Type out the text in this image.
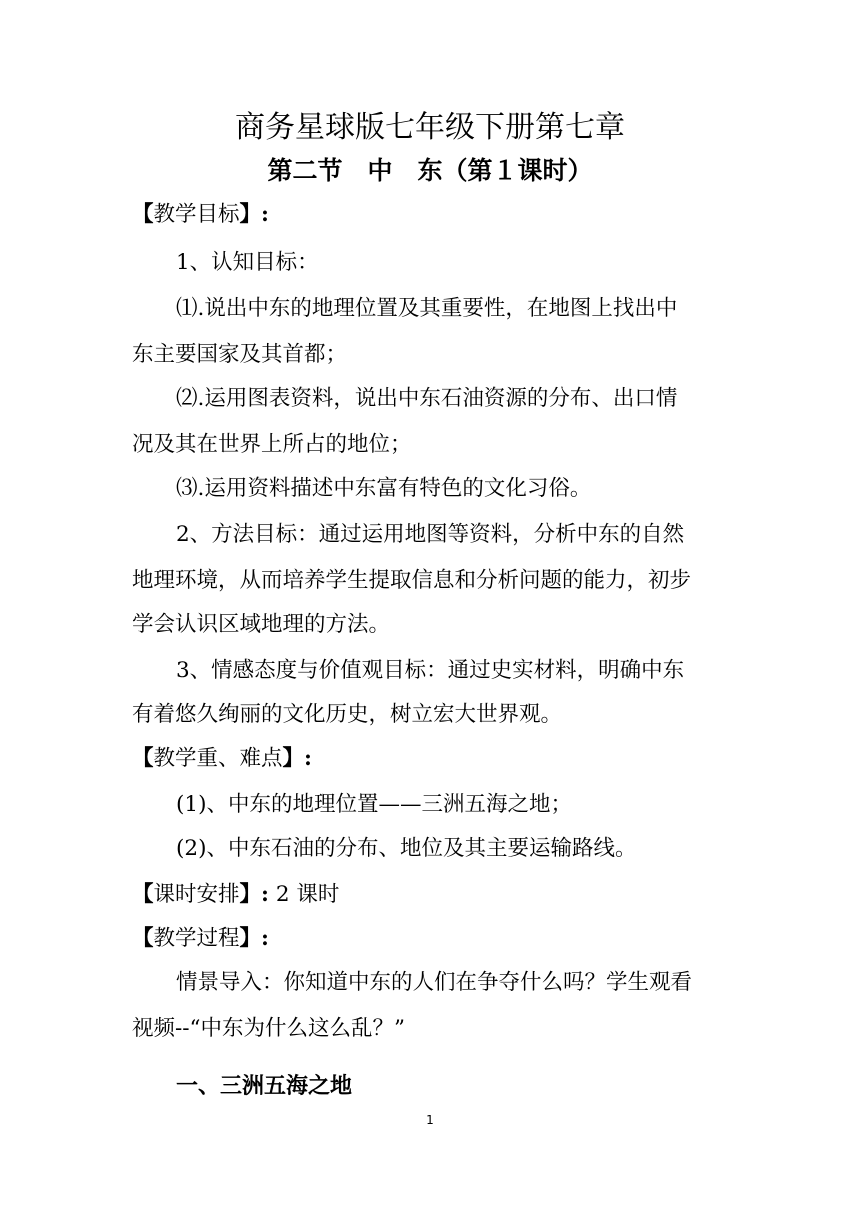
商务星球版七年级下册第七章
第二节　中　东（第１课时）
【教学目标】:
1、认知目标：
⑴.说出中东的地理位置及其重要性，在地图上找出中
东主要国家及其首都；
⑵.运用图表资料，说出中东石油资源的分布、出口情
况及其在世界上所占的地位；
⑶.运用资料描述中东富有特色的文化习俗。
2、方法目标：通过运用地图等资料，分析中东的自然
地理环境，从而培养学生提取信息和分析问题的能力，初步
学会认识区域地理的方法。
3、情感态度与价值观目标：通过史实材料，明确中东
有着悠久绚丽的文化历史，树立宏大世界观。
【教学重、难点】:
(1)、中东的地理位置——三洲五海之地；
(2)、中东石油的分布、地位及其主要运输路线。
【课时安排】: 2 课时
【教学过程】:
情景导入：你知道中东的人们在争夺什么吗？学生观看
视频--“中东为什么这么乱？”
一、三洲五海之地
1
